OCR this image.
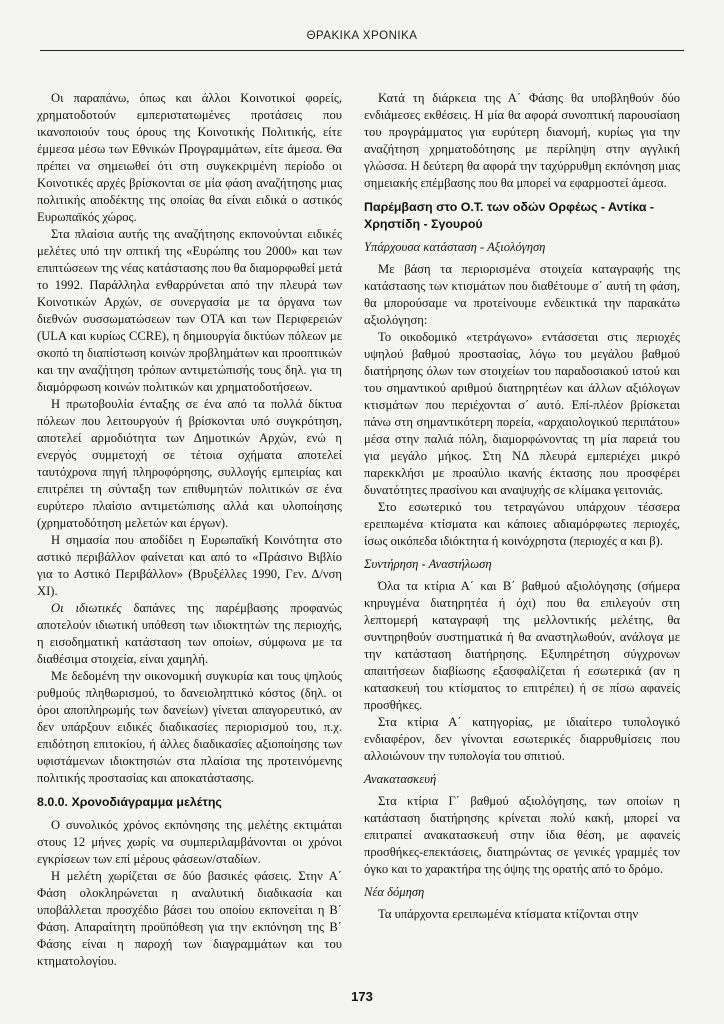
ΘΡΑΚΙΚΑ ΧΡΟΝΙΚΑ

Οι παραπάνω, όπως και άλλοι Κοινοτικοί φορείς, χρηματοδοτούν εμπεριστατωμένες προτάσεις που ικανοποιούν τους όρους της Κοινοτικής Πολιτικής, είτε έμμεσα μέσω των Εθνικών Προγραμμάτων, είτε άμεσα. Θα πρέπει να σημειωθεί ότι στη συγκεκριμένη περίοδο οι Κοινοτικές αρχές βρίσκονται σε μία φάση αναζήτησης μιας πολιτικής αποδέκτης της οποίας θα είναι ειδικά ο αστικός Ευρωπαϊκός χώρος.

Στα πλαίσια αυτής της αναζήτησης εκπονούνται ειδικές μελέτες υπό την οπτική της «Ευρώπης του 2000» και των επιπτώσεων της νέας κατάστασης που θα διαμορφωθεί μετά το 1992. Παράλληλα ενθαρρύνεται από την πλευρά των Κοινοτικών Αρχών, σε συνεργασία με τα όργανα των διεθνών συσσωματώσεων των ΟΤΑ και των Περιφερειών (ULA και κυρίως CCRE), η δημιουργία δικτύων πόλεων με σκοπό τη διαπίστωση κοινών προβλημάτων και προοπτικών και την αναζήτηση τρόπων αντιμετώπισής τους δηλ. για τη διαμόρφωση κοινών πολιτικών και χρηματοδοτήσεων.

Η πρωτοβουλία ένταξης σε ένα από τα πολλά δίκτυα πόλεων που λειτουργούν ή βρίσκονται υπό συγκρότηση, αποτελεί αρμοδιότητα των Δημοτικών Αρχών, ενώ η ενεργός συμμετοχή σε τέτοια σχήματα αποτελεί ταυτόχρονα πηγή πληροφόρησης, συλλογής εμπειρίας και επιτρέπει τη σύνταξη των επιθυμητών πολιτικών σε ένα ευρύτερο πλαίσιο αντιμετώπισης αλλά και υλοποίησης (χρηματοδότηση μελετών και έργων).

Η σημασία που αποδίδει η Ευρωπαϊκή Κοινότητα στο αστικό περιβάλλον φαίνεται και από το «Πράσινο Βιβλίο για το Αστικό Περιβάλλον» (Βρυξέλλες 1990, Γεν. Δ/νση XI).

Οι ιδιωτικές δαπάνες της παρέμβασης προφανώς αποτελούν ιδιωτική υπόθεση των ιδιοκτητών της περιοχής, η εισοδηματική κατάσταση των οποίων, σύμφωνα με τα διαθέσιμα στοιχεία, είναι χαμηλή.

Με δεδομένη την οικονομική συγκυρία και τους ψηλούς ρυθμούς πληθωρισμού, το δανειοληπτικό κόστος (δηλ. οι όροι αποπληρωμής των δανείων) γίνεται απαγορευτικό, αν δεν υπάρξουν ειδικές διαδικασίες περιορισμού του, π.χ. επιδότηση επιτοκίου, ή άλλες διαδικασίες αξιοποίησης των υφιστάμενων ιδιοκτησιών στα πλαίσια της προτεινόμενης πολιτικής προστασίας και αποκατάστασης.

8.0.0. Χρονοδιάγραμμα μελέτης

Ο συνολικός χρόνος εκπόνησης της μελέτης εκτιμάται στους 12 μήνες χωρίς να συμπεριλαμβάνονται οι χρόνοι εγκρίσεων των επί μέρους φάσεων/σταδίων.

Η μελέτη χωρίζεται σε δύο βασικές φάσεις. Στην Α΄ Φάση ολοκληρώνεται η αναλυτική διαδικασία και υποβάλλεται προσχέδιο βάσει του οποίου εκπονείται η Β΄ Φάση. Απαραίτητη προϋπόθεση για την εκπόνηση της Β΄ Φάσης είναι η παροχή των διαγραμμάτων και του κτηματολογίου.

Κατά τη διάρκεια της Α΄ Φάσης θα υποβληθούν δύο ενδιάμεσες εκθέσεις. Η μία θα αφορά συνοπτική παρουσίαση του προγράμματος για ευρύτερη διανομή, κυρίως για την αναζήτηση χρηματοδότησης με περίληψη στην αγγλική γλώσσα. Η δεύτερη θα αφορά την ταχύρρυθμη εκπόνηση μιας σημειακής επέμβασης που θα μπορεί να εφαρμοστεί άμεσα.

Παρέμβαση στο Ο.Τ. των οδών Ορφέως - Αντίκα - Χρηστίδη - Σγουρού
Υπάρχουσα κατάσταση - Αξιολόγηση

Με βάση τα περιορισμένα στοιχεία καταγραφής της κατάστασης των κτισμάτων που διαθέτουμε σ΄ αυτή τη φάση, θα μπορούσαμε να προτείνουμε ενδεικτικά την παρακάτω αξιολόγηση:

Το οικοδομικό «τετράγωνο» εντάσσεται στις περιοχές υψηλού βαθμού προστασίας, λόγω του μεγάλου βαθμού διατήρησης όλων των στοιχείων του παραδοσιακού ιστού και του σημαντικού αριθμού διατηρητέων και άλλων αξιόλογων κτισμάτων που περιέχονται σ΄ αυτό. Επί-πλέον βρίσκεται πάνω στη σημαντικότερη πορεία, «αρχαιολογικού περιπάτου» μέσα στην παλιά πόλη, διαμορφώνοντας τη μία παρειά του για μεγάλο μήκος. Στη ΝΔ πλευρά εμπεριέχει μικρό παρεκκλήσι με προαύλιο ικανής έκτασης που προσφέρει δυνατότητες πρασίνου και αναψυχής σε κλίμακα γειτονιάς.

Στο εσωτερικό του τετραγώνου υπάρχουν τέσσερα ερειπωμένα κτίσματα και κάποιες αδιαμόρφωτες περιοχές, ίσως οικόπεδα ιδιόκτητα ή κοινόχρηστα (περιοχές α και β).

Συντήρηση - Αναστήλωση

Όλα τα κτίρια Α΄ και Β΄ βαθμού αξιολόγησης (σήμερα κηρυγμένα διατηρητέα ή όχι) που θα επιλεγούν στη λεπτομερή καταγραφή της μελλοντικής μελέτης, θα συντηρηθούν συστηματικά ή θα αναστηλωθούν, ανάλογα με την κατάσταση διατήρησης. Εξυπηρέτηση σύγχρονων απαιτήσεων διαβίωσης εξασφαλίζεται ή εσωτερικά (αν η κατασκευή του κτίσματος το επιτρέπει) ή σε πίσω αφανείς προσθήκες.

Στα κτίρια Α΄ κατηγορίας, με ιδιαίτερο τυπολογικό ενδιαφέρον, δεν γίνονται εσωτερικές διαρρυθμίσεις που αλλοιώνουν την τυπολογία του σπιτιού.

Ανακατασκευή

Στα κτίρια Γ΄ βαθμού αξιολόγησης, των οποίων η κατάσταση διατήρησης κρίνεται πολύ κακή, μπορεί να επιτραπεί ανακατασκευή στην ίδια θέση, με αφανείς προσθήκες-επεκτάσεις, διατηρώντας σε γενικές γραμμές τον όγκο και το χαρακτήρα της όψης της ορατής από το δρόμο.

Νέα δόμηση

Τα υπάρχοντα ερειπωμένα κτίσματα κτίζονται στην

173
